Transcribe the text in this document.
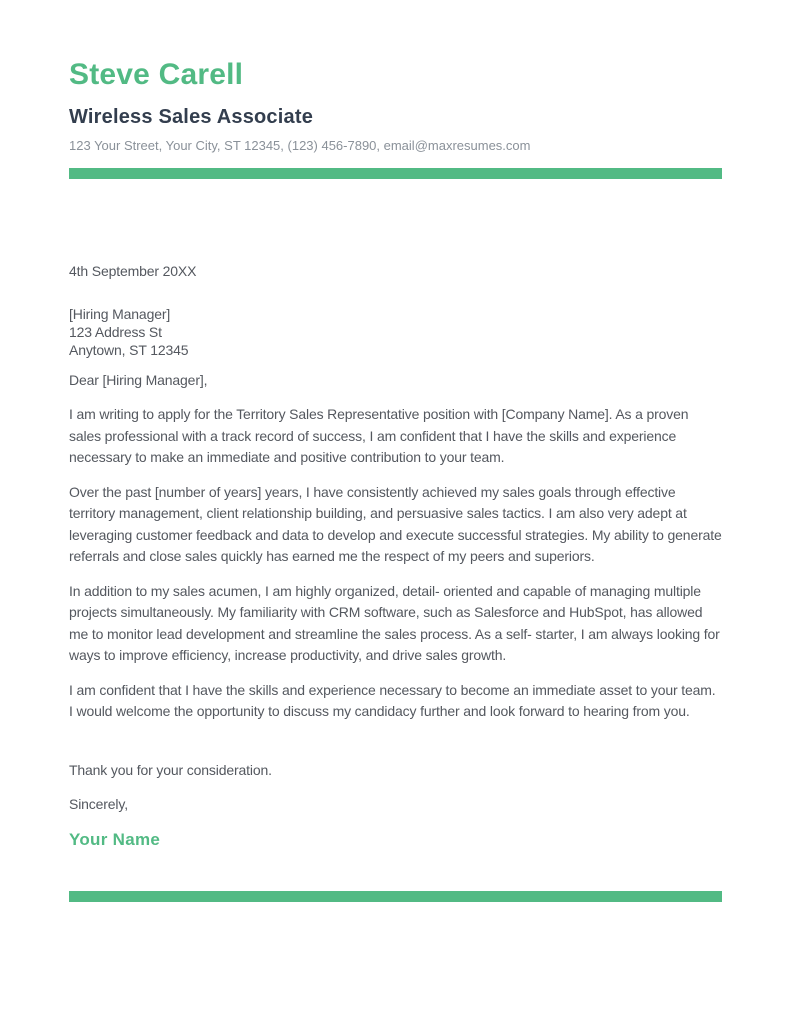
Steve Carell
Wireless Sales Associate

123 Your Street, Your City, ST 12345, (123) 456-7890, email@maxresumes.com

4th September 20XX

[Hiring Manager]

123 Address St

Anytown, ST 12345

Dear [Hiring Manager],

I am writing to apply for the Territory Sales Representative position with [Company Name]. As a proven sales professional with a track record of success, I am confident that I have the skills and experience necessary to make an immediate and positive contribution to your team.

Over the past [number of years] years, I have consistently achieved my sales goals through effective territory management, client relationship building, and persuasive sales tactics. I am also very adept at leveraging customer feedback and data to develop and execute successful strategies. My ability to generate referrals and close sales quickly has earned me the respect of my peers and superiors.

In addition to my sales acumen, I am highly organized, detail- oriented and capable of managing multiple projects simultaneously. My familiarity with CRM software, such as Salesforce and HubSpot, has allowed me to monitor lead development and streamline the sales process. As a self- starter, I am always looking for ways to improve efficiency, increase productivity, and drive sales growth.

I am confident that I have the skills and experience necessary to become an immediate asset to your team. I would welcome the opportunity to discuss my candidacy further and look forward to hearing from you.

Thank you for your consideration.

Sincerely,

Your Name
